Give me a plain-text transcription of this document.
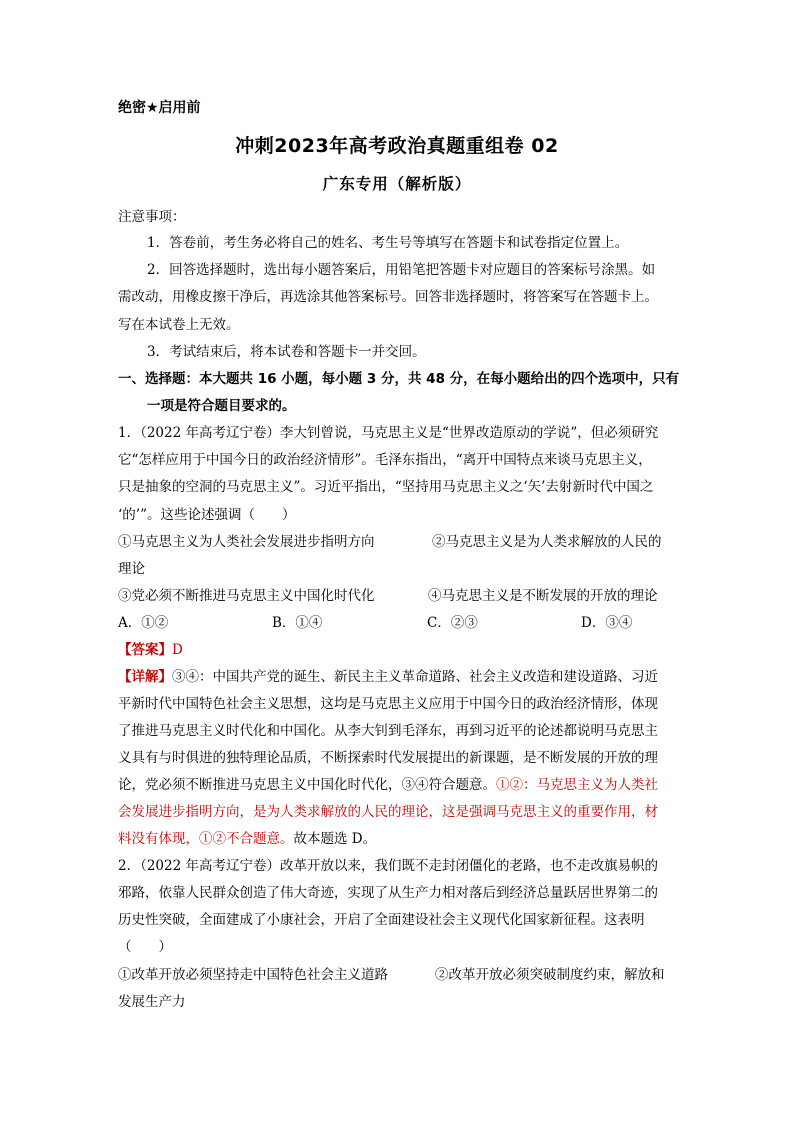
绝密★启用前
冲刺2023年高考政治真题重组卷 02
广东专用（解析版）
注意事项：
1．答卷前，考生务必将自己的姓名、考生号等填写在答题卡和试卷指定位置上。
2．回答选择题时，选出每小题答案后，用铅笔把答题卡对应题目的答案标号涂黑。如
需改动，用橡皮擦干净后，再选涂其他答案标号。回答非选择题时，将答案写在答题卡上。
写在本试卷上无效。
3．考试结束后，将本试卷和答题卡一并交回。
一、选择题：本大题共 16 小题，每小题 3 分，共 48 分，在每小题给出的四个选项中，只有
一项是符合题目要求的。
1．（2022 年高考辽宁卷）李大钊曾说，马克思主义是“世界改造原动的学说”，但必须研究
它“怎样应用于中国今日的政治经济情形”。毛泽东指出，“离开中国特点来谈马克思主义，
只是抽象的空洞的马克思主义”。习近平指出，“坚持用马克思主义之‘矢’去射新时代中国之
‘的’”。这些论述强调（　　）
①马克思主义为人类社会发展进步指明方向	②马克思主义是为人类求解放的人民的
理论
③党必须不断推进马克思主义中国化时代化	④马克思主义是不断发展的开放的理论
A．①②	B．①④	C．②③	D．③④
【答案】D
【详解】③④：中国共产党的诞生、新民主主义革命道路、社会主义改造和建设道路、习近
平新时代中国特色社会主义思想，这均是马克思主义应用于中国今日的政治经济情形，体现
了推进马克思主义时代化和中国化。从李大钊到毛泽东，再到习近平的论述都说明马克思主
义具有与时俱进的独特理论品质，不断探索时代发展提出的新课题，是不断发展的开放的理
论，党必须不断推进马克思主义中国化时代化，③④符合题意。①②：马克思主义为人类社
会发展进步指明方向，是为人类求解放的人民的理论，这是强调马克思主义的重要作用，材
料没有体现，①②不合题意。故本题选 D。
2．（2022 年高考辽宁卷）改革开放以来，我们既不走封闭僵化的老路，也不走改旗易帜的
邪路，依靠人民群众创造了伟大奇迹，实现了从生产力相对落后到经济总量跃居世界第二的
历史性突破，全面建成了小康社会，开启了全面建设社会主义现代化国家新征程。这表明
（　　）
①改革开放必须坚持走中国特色社会主义道路	②改革开放必须突破制度约束，解放和
发展生产力
